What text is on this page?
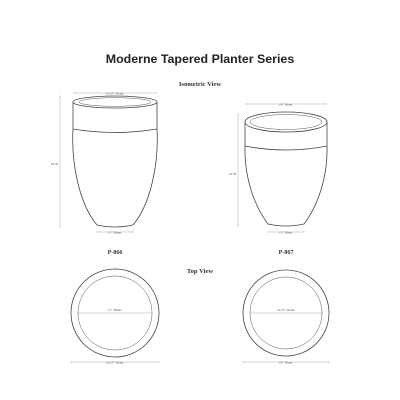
Moderne Tapered Planter Series
Isometric View
19.25" Diam.
29"H
11" Diam.
P-866
19" Diam.
24"H
11" Diam.
P-867
Top View
17" Diam.
19.25" Diam.
16.75" Diam.
19" Diam.
